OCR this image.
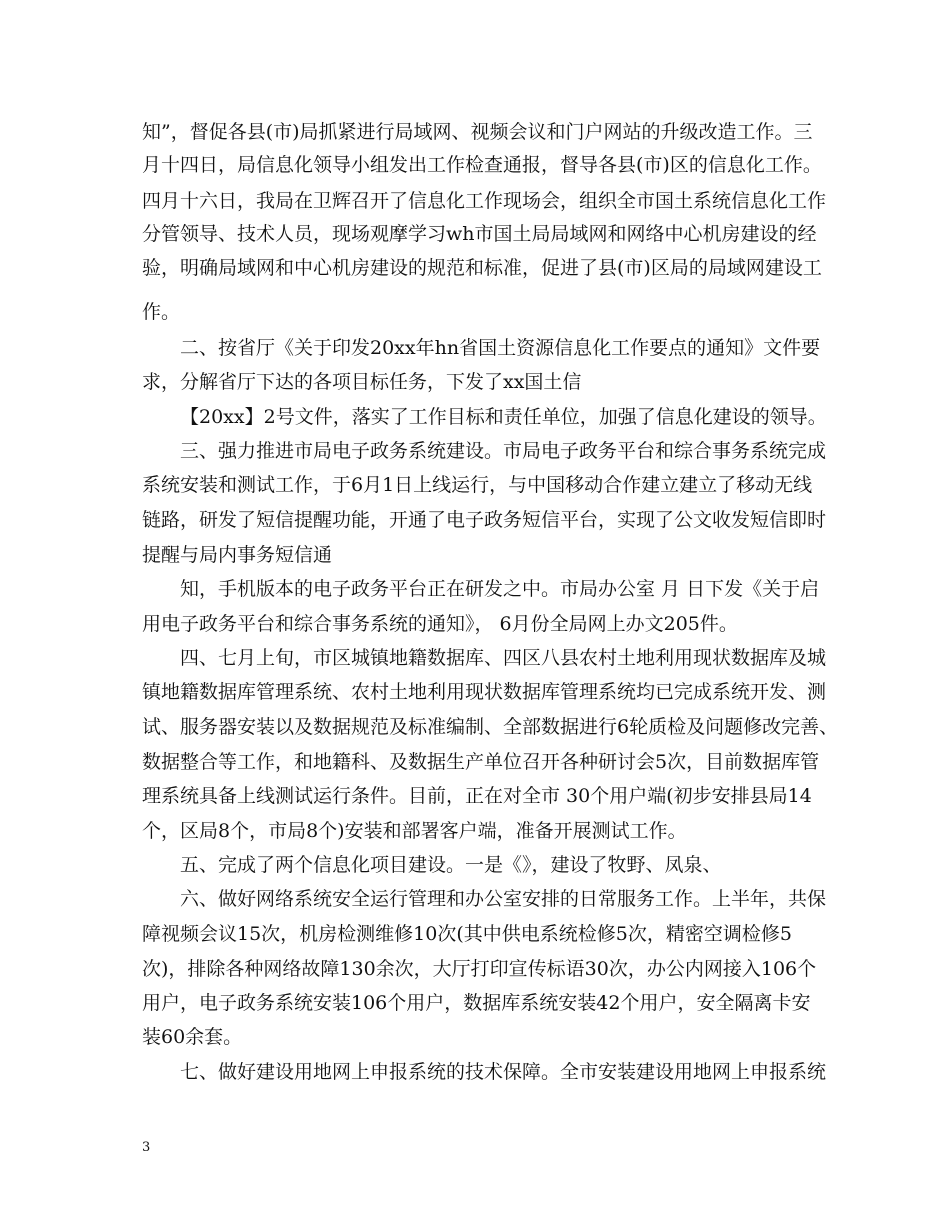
知”，督促各县(市)局抓紧进行局域网、视频会议和门户网站的升级改造工作。三
月十四日，局信息化领导小组发出工作检查通报，督导各县(市)区的信息化工作。
四月十六日，我局在卫辉召开了信息化工作现场会，组织全市国土系统信息化工作
分管领导、技术人员，现场观摩学习wh市国土局局域网和网络中心机房建设的经
验，明确局域网和中心机房建设的规范和标准，促进了县(市)区局的局域网建设工
作。
二、按省厅《关于印发20xx年hn省国土资源信息化工作要点的通知》文件要
求，分解省厅下达的各项目标任务，下发了xx国土信
【20xx】2号文件，落实了工作目标和责任单位，加强了信息化建设的领导。
三、强力推进市局电子政务系统建设。市局电子政务平台和综合事务系统完成
系统安装和测试工作，于6月1日上线运行，与中国移动合作建立建立了移动无线
链路，研发了短信提醒功能，开通了电子政务短信平台，实现了公文收发短信即时
提醒与局内事务短信通
知，手机版本的电子政务平台正在研发之中。市局办公室 月 日下发《关于启
用电子政务平台和综合事务系统的通知》， 6月份全局网上办文205件。
四、七月上旬，市区城镇地籍数据库、四区八县农村土地利用现状数据库及城
镇地籍数据库管理系统、农村土地利用现状数据库管理系统均已完成系统开发、测
试、服务器安装以及数据规范及标准编制、全部数据进行6轮质检及问题修改完善、
数据整合等工作，和地籍科、及数据生产单位召开各种研讨会5次，目前数据库管
理系统具备上线测试运行条件。目前，正在对全市 30个用户端(初步安排县局14
个，区局8个，市局8个)安装和部署客户端，准备开展测试工作。
五、完成了两个信息化项目建设。一是《》，建设了牧野、凤泉、
六、做好网络系统安全运行管理和办公室安排的日常服务工作。上半年，共保
障视频会议15次，机房检测维修10次(其中供电系统检修5次，精密空调检修5
次)，排除各种网络故障130余次，大厅打印宣传标语30次，办公内网接入106个
用户，电子政务系统安装106个用户，数据库系统安装42个用户，安全隔离卡安
装60余套。
七、做好建设用地网上申报系统的技术保障。全市安装建设用地网上申报系统
3
